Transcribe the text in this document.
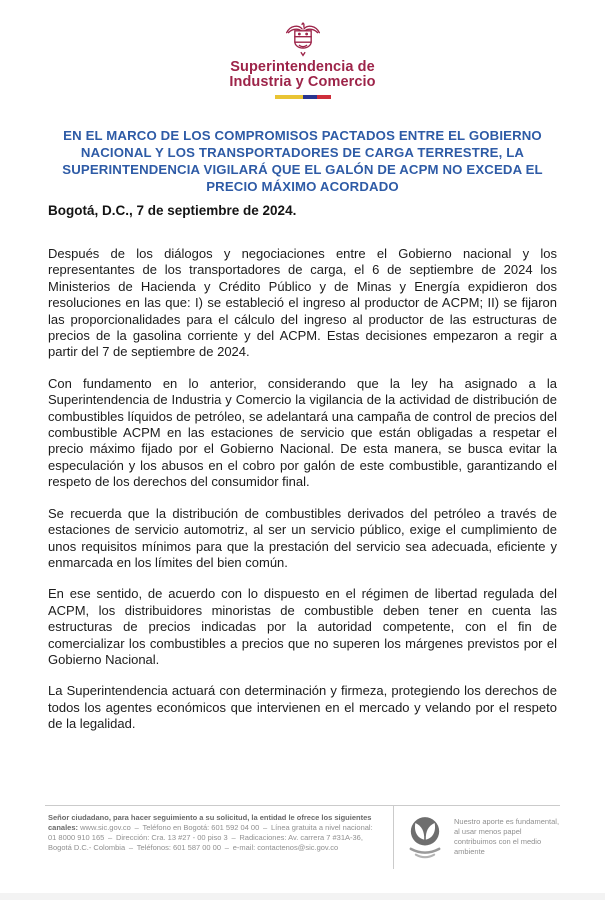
Superintendencia de
Industria y Comercio
EN EL MARCO DE LOS COMPROMISOS PACTADOS ENTRE EL GOBIERNO NACIONAL Y LOS TRANSPORTADORES DE CARGA TERRESTRE, LA SUPERINTENDENCIA VIGILARÁ QUE EL GALÓN DE ACPM NO EXCEDA EL PRECIO MÁXIMO ACORDADO
Bogotá, D.C., 7 de septiembre de 2024.

Después de los diálogos y negociaciones entre el Gobierno nacional y los representantes de los transportadores de carga, el 6 de septiembre de 2024 los Ministerios de Hacienda y Crédito Público y de Minas y Energía expidieron dos resoluciones en las que: I) se estableció el ingreso al productor de ACPM; II) se fijaron las proporcionalidades para el cálculo del ingreso al productor de las estructuras de precios de la gasolina corriente y del ACPM. Estas decisiones empezaron a regir a partir del 7 de septiembre de 2024.

Con fundamento en lo anterior, considerando que la ley ha asignado a la Superintendencia de Industria y Comercio la vigilancia de la actividad de distribución de combustibles líquidos de petróleo, se adelantará una campaña de control de precios del combustible ACPM en las estaciones de servicio que están obligadas a respetar el precio máximo fijado por el Gobierno Nacional. De esta manera, se busca evitar la especulación y los abusos en el cobro por galón de este combustible, garantizando el respeto de los derechos del consumidor final.

Se recuerda que la distribución de combustibles derivados del petróleo a través de estaciones de servicio automotriz, al ser un servicio público, exige el cumplimiento de unos requisitos mínimos para que la prestación del servicio sea adecuada, eficiente y enmarcada en los límites del bien común.

En ese sentido, de acuerdo con lo dispuesto en el régimen de libertad regulada del ACPM, los distribuidores minoristas de combustible deben tener en cuenta las estructuras de precios indicadas por la autoridad competente, con el fin de comercializar los combustibles a precios que no superen los márgenes previstos por el Gobierno Nacional.

La Superintendencia actuará con determinación y firmeza, protegiendo los derechos de todos los agentes económicos que intervienen en el mercado y velando por el respeto de la legalidad.

Señor ciudadano, para hacer seguimiento a su solicitud, la entidad le ofrece los siguientes canales: www.sic.gov.co – Teléfono en Bogotá: 601 592 04 00 – Línea gratuita a nivel nacional: 01 8000 910 165 – Dirección: Cra. 13 #27 - 00 piso 3 – Radicaciones: Av. carrera 7 #31A-36, Bogotá D.C.- Colombia – Teléfonos: 601 587 00 00 – e-mail: contactenos@sic.gov.co
Nuestro aporte es fundamental, al usar menos papel contribuimos con el medio ambiente
